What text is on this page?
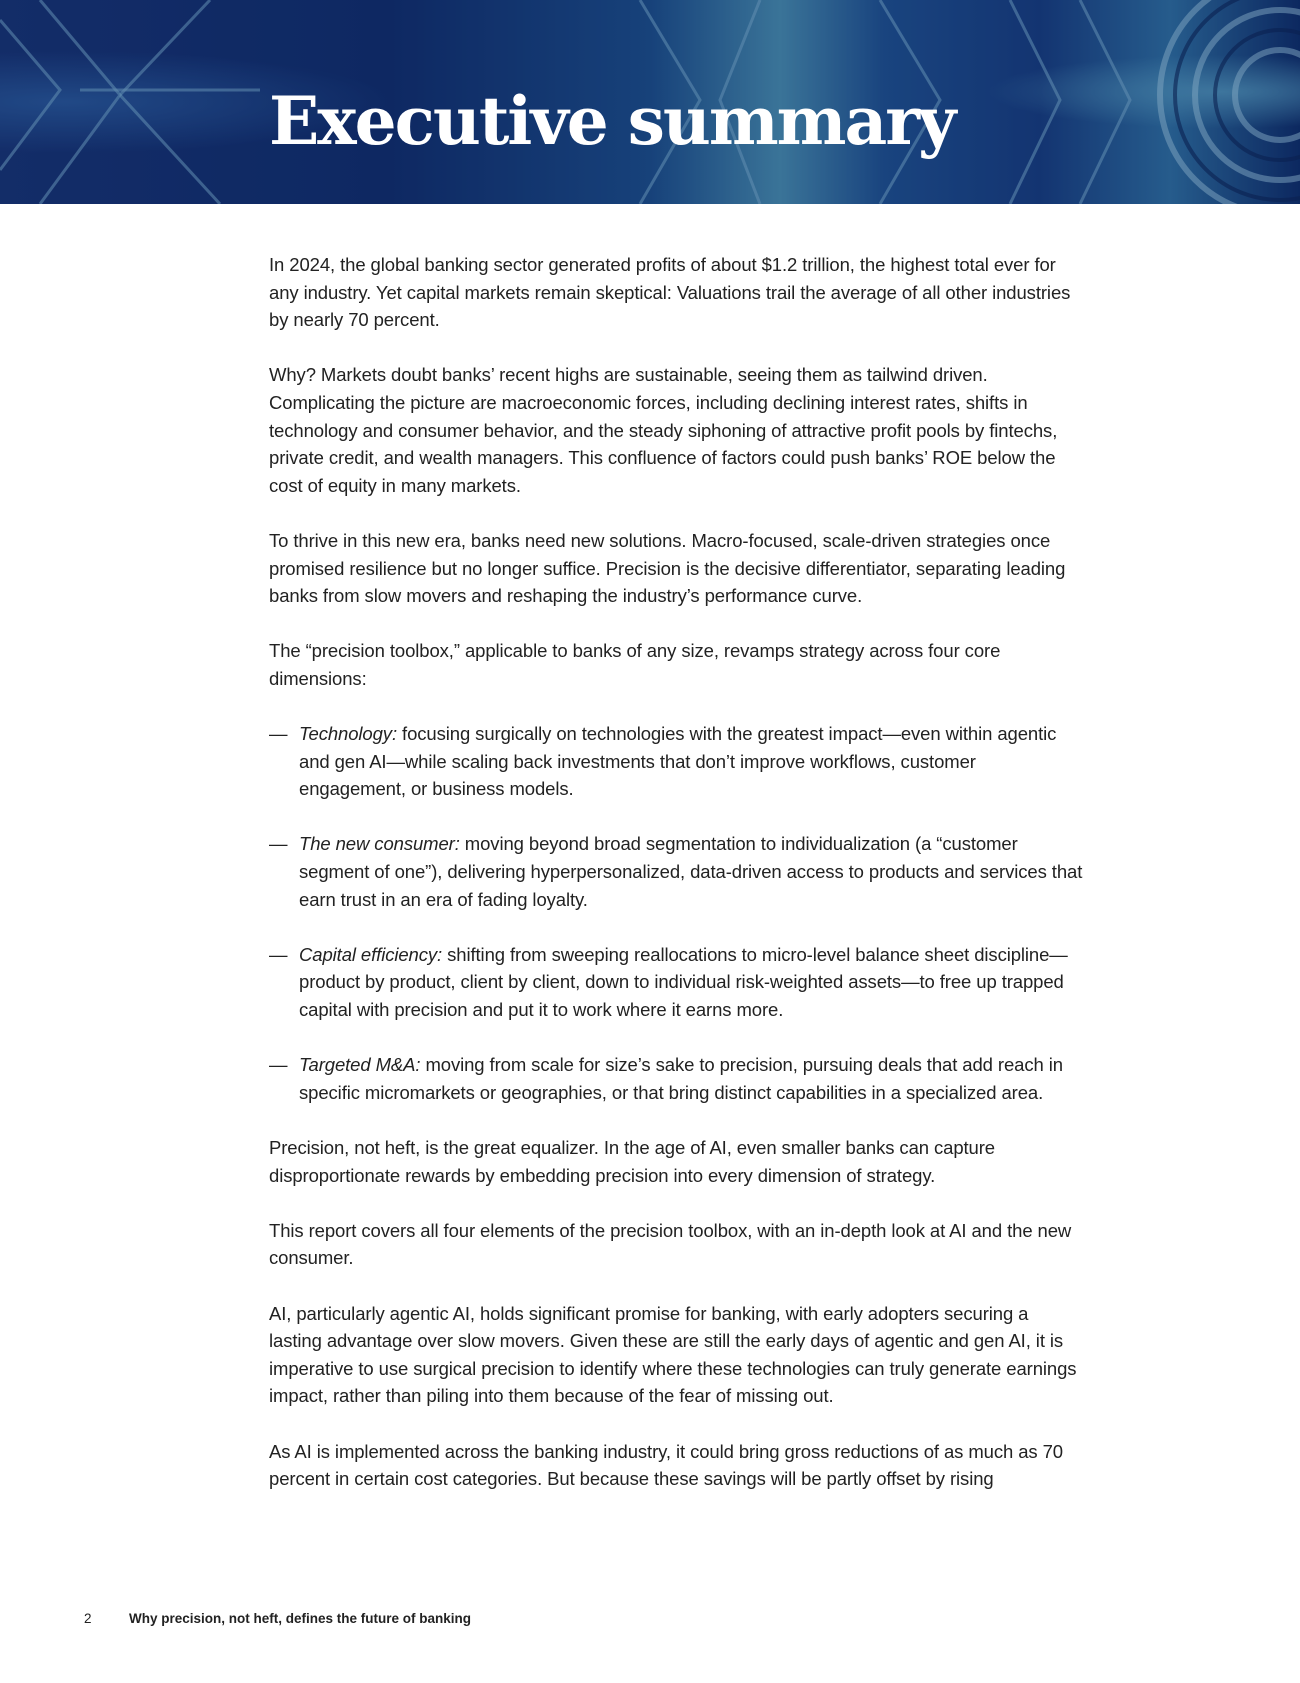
Executive summary

In 2024, the global banking sector generated profits of about $1.2 trillion, the highest total ever for any industry. Yet capital markets remain skeptical: Valuations trail the average of all other industries by nearly 70 percent.

Why? Markets doubt banks’ recent highs are sustainable, seeing them as tailwind driven. Complicating the picture are macroeconomic forces, including declining interest rates, shifts in technology and consumer behavior, and the steady siphoning of attractive profit pools by fintechs, private credit, and wealth managers. This confluence of factors could push banks’ ROE below the cost of equity in many markets.

To thrive in this new era, banks need new solutions. Macro-focused, scale-driven strategies once promised resilience but no longer suffice. Precision is the decisive differentiator, separating leading banks from slow movers and reshaping the industry’s performance curve.

The “precision toolbox,” applicable to banks of any size, revamps strategy across four core dimensions:

— Technology: focusing surgically on technologies with the greatest impact—even within agentic and gen AI—while scaling back investments that don’t improve workflows, customer engagement, or business models.
— The new consumer: moving beyond broad segmentation to individualization (a “customer segment of one”), delivering hyperpersonalized, data-driven access to products and services that earn trust in an era of fading loyalty.
— Capital efficiency: shifting from sweeping reallocations to micro-level balance sheet discipline—product by product, client by client, down to individual risk-weighted assets—to free up trapped capital with precision and put it to work where it earns more.
— Targeted M&A: moving from scale for size’s sake to precision, pursuing deals that add reach in specific micromarkets or geographies, or that bring distinct capabilities in a specialized area.

Precision, not heft, is the great equalizer. In the age of AI, even smaller banks can capture disproportionate rewards by embedding precision into every dimension of strategy.

This report covers all four elements of the precision toolbox, with an in-depth look at AI and the new consumer.

AI, particularly agentic AI, holds significant promise for banking, with early adopters securing a lasting advantage over slow movers. Given these are still the early days of agentic and gen AI, it is imperative to use surgical precision to identify where these technologies can truly generate earnings impact, rather than piling into them because of the fear of missing out.

As AI is implemented across the banking industry, it could bring gross reductions of as much as 70 percent in certain cost categories. But because these savings will be partly offset by rising

2	Why precision, not heft, defines the future of banking
